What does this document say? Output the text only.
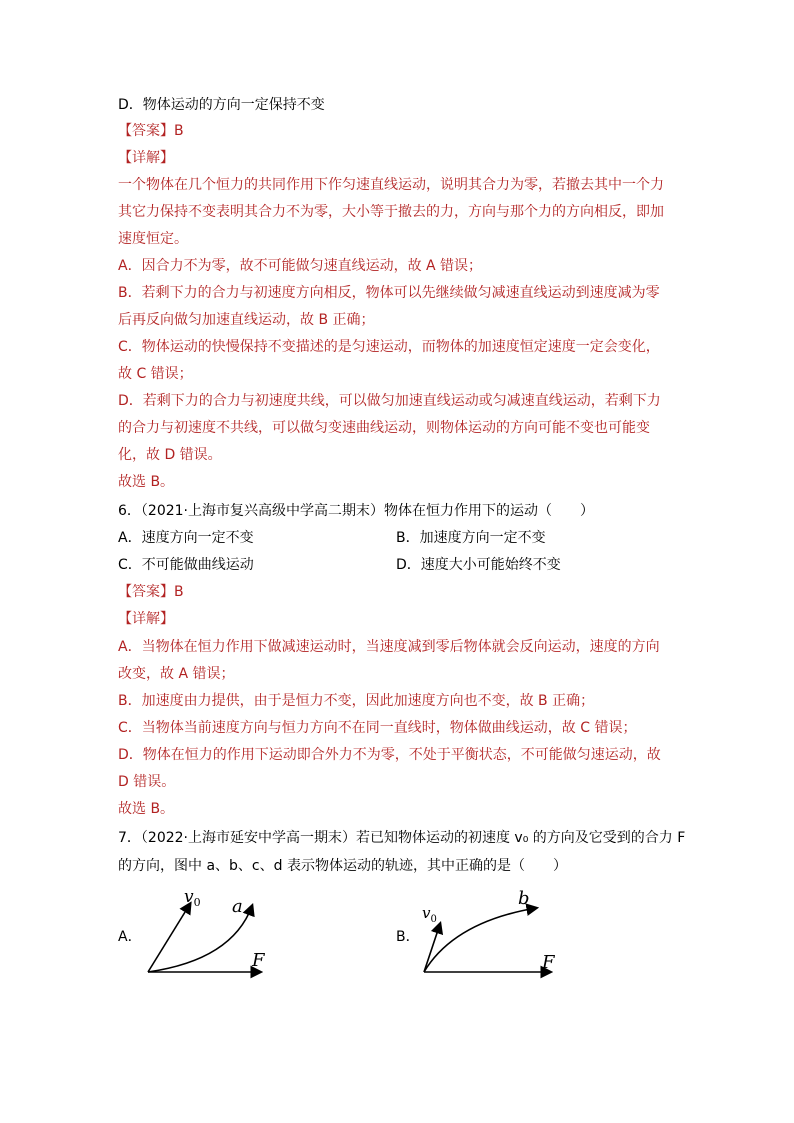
D．物体运动的方向一定保持不变
【答案】B
【详解】
一个物体在几个恒力的共同作用下作匀速直线运动，说明其合力为零，若撤去其中一个力
其它力保持不变表明其合力不为零，大小等于撤去的力，方向与那个力的方向相反，即加
速度恒定。
A．因合力不为零，故不可能做匀速直线运动，故 A 错误；
B．若剩下力的合力与初速度方向相反，物体可以先继续做匀减速直线运动到速度减为零
后再反向做匀加速直线运动，故 B 正确；
C．物体运动的快慢保持不变描述的是匀速运动，而物体的加速度恒定速度一定会变化，
故 C 错误；
D．若剩下力的合力与初速度共线，可以做匀加速直线运动或匀减速直线运动，若剩下力
的合力与初速度不共线，可以做匀变速曲线运动，则物体运动的方向可能不变也可能变
化，故 D 错误。
故选 B。
6．（2021·上海市复兴高级中学高二期末）物体在恒力作用下的运动（　　）
A．速度方向一定不变	B．加速度方向一定不变
C．不可能做曲线运动	D．速度大小可能始终不变
【答案】B
【详解】
A．当物体在恒力作用下做减速运动时，当速度减到零后物体就会反向运动，速度的方向
改变，故 A 错误；
B．加速度由力提供，由于是恒力不变，因此加速度方向也不变，故 B 正确；
C．当物体当前速度方向与恒力方向不在同一直线时，物体做曲线运动，故 C 错误；
D．物体在恒力的作用下运动即合外力不为零，不处于平衡状态，不可能做匀速运动，故
D 错误。
故选 B。
7．（2022·上海市延安中学高一期末）若已知物体运动的初速度 v₀ 的方向及它受到的合力 F
的方向，图中 a、b、c、d 表示物体运动的轨迹，其中正确的是（　　）
A．
$v_0$ a
F
B．
$v_0$
b
F
